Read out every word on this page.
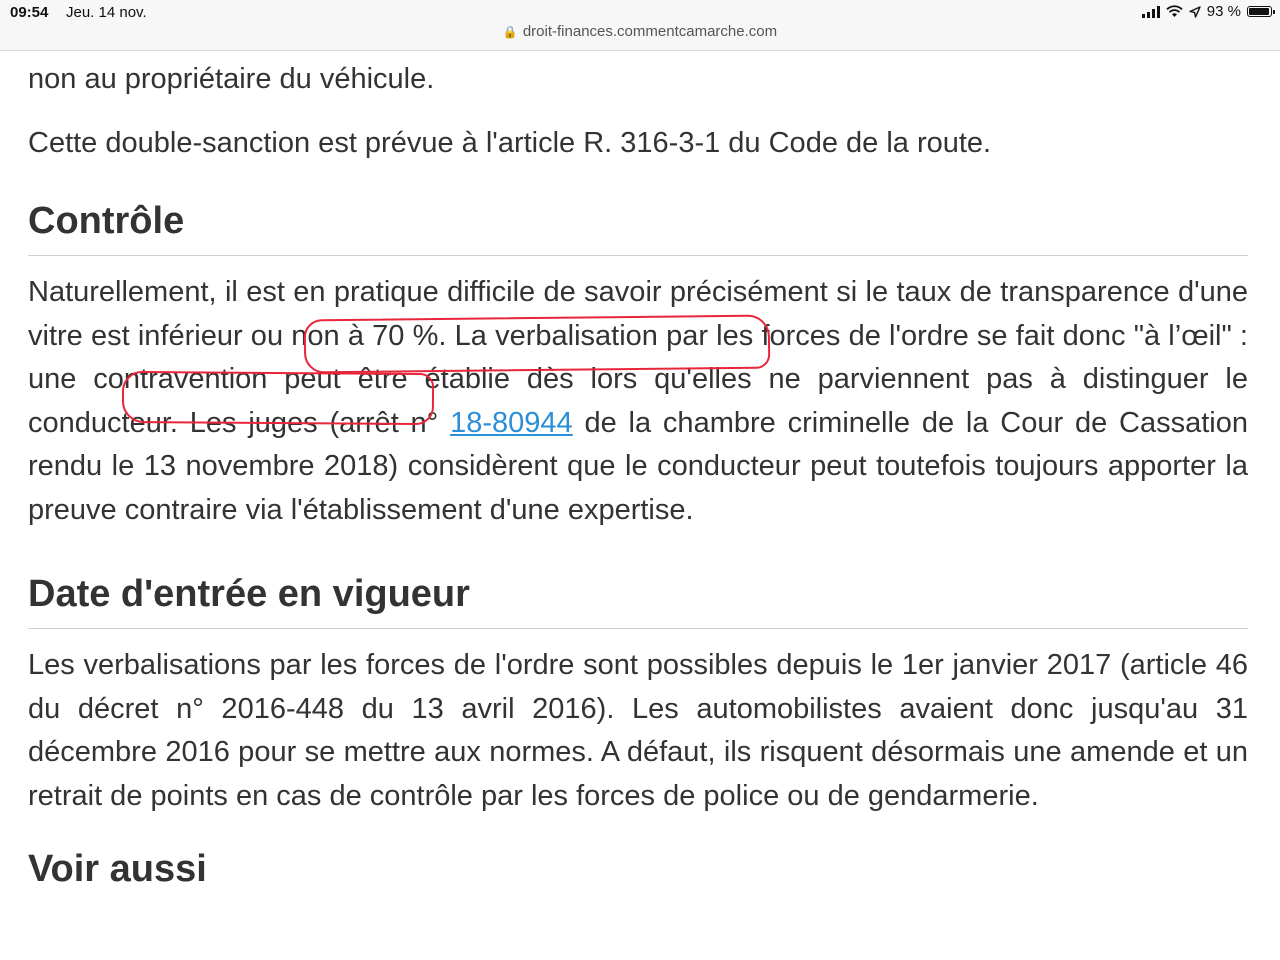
09:54 Jeu. 14 nov.	93 %
🔒 droit-finances.commentcamarche.com

non au propriétaire du véhicule.

Cette double-sanction est prévue à l'article R. 316-3-1 du Code de la route.

Contrôle

Naturellement, il est en pratique difficile de savoir précisément si le taux de transparence d'une vitre est inférieur ou non à 70 %. La verbalisation par les forces de l'ordre se fait donc "à l’œil" : une contravention peut être établie dès lors qu'elles ne parviennent pas à distinguer le conducteur. Les juges (arrêt n° 18-80944 de la chambre criminelle de la Cour de Cassation rendu le 13 novembre 2018) considèrent que le conducteur peut toutefois toujours apporter la preuve contraire via l'établissement d'une expertise.

Date d'entrée en vigueur

Les verbalisations par les forces de l'ordre sont possibles depuis le 1er janvier 2017 (article 46 du décret n° 2016-448 du 13 avril 2016). Les automobilistes avaient donc jusqu'au 31 décembre 2016 pour se mettre aux normes. A défaut, ils risquent désormais une amende et un retrait de points en cas de contrôle par les forces de police ou de gendarmerie.

Voir aussi
